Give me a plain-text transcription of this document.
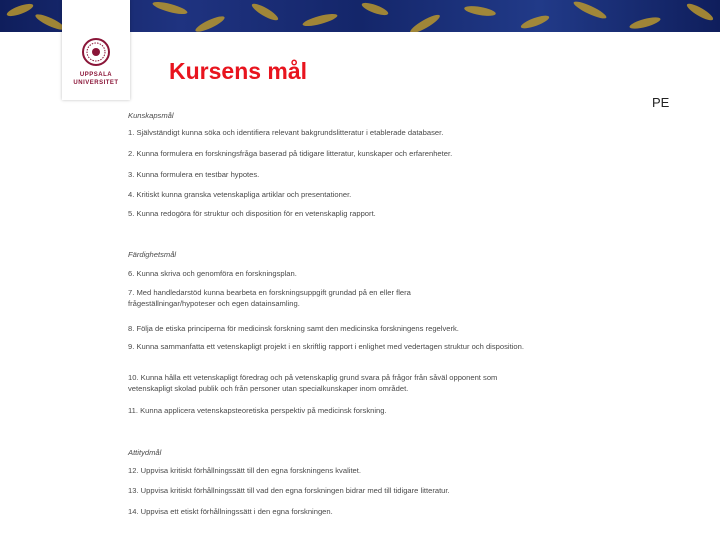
UPPSALA
UNIVERSITET	Kursens mål
PE
Kunskapsmål
1. Självständigt kunna söka och identifiera relevant bakgrundslitteratur i etablerade databaser.
2. Kunna formulera en forskningsfråga baserad på tidigare litteratur, kunskaper och erfarenheter.
3. Kunna formulera en testbar hypotes.
4. Kritiskt kunna granska vetenskapliga artiklar och presentationer.
5. Kunna redogöra för struktur och disposition för en vetenskaplig rapport.
Färdighetsmål
6. Kunna skriva och genomföra en forskningsplan.
7. Med handledarstöd kunna bearbeta en forskningsuppgift grundad på en eller flera frågeställningar/hypoteser och egen datainsamling.
8. Följa de etiska principerna för medicinsk forskning samt den medicinska forskningens regelverk.
9. Kunna sammanfatta ett vetenskapligt projekt i en skriftlig rapport i enlighet med vedertagen struktur och disposition.
10. Kunna hålla ett vetenskapligt föredrag och på vetenskaplig grund svara på frågor från såväl opponent som vetenskapligt skolad publik och från personer utan specialkunskaper inom området.
11. Kunna applicera vetenskapsteoretiska perspektiv på medicinsk forskning.
Attitydmål
12. Uppvisa kritiskt förhållningssätt till den egna forskningens kvalitet.
13. Uppvisa kritiskt förhållningssätt till vad den egna forskningen bidrar med till tidigare litteratur.
14. Uppvisa ett etiskt förhållningssätt i den egna forskningen.
